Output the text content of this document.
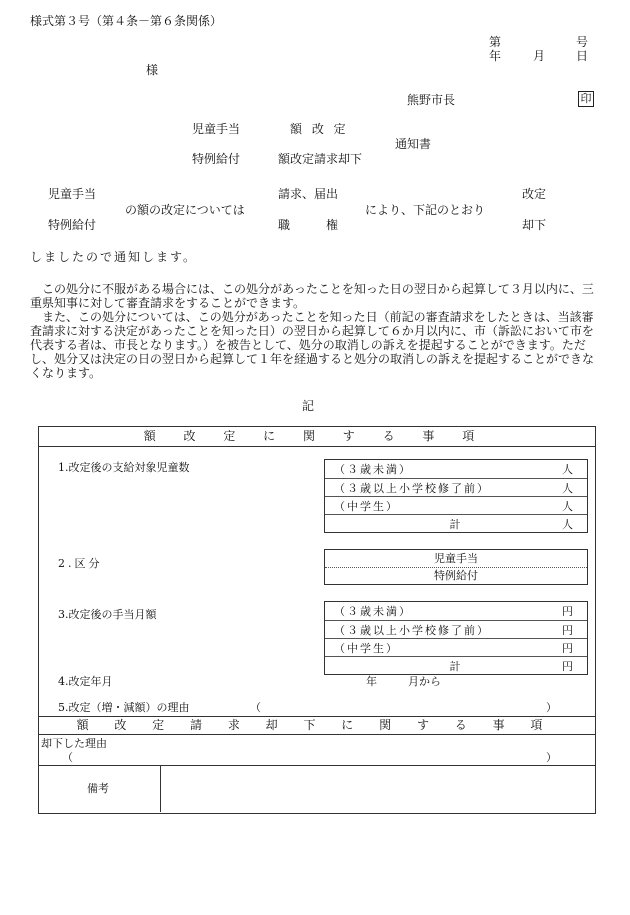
様式第３号（第４条－第６条関係）
第	号
年	月	日
様
熊野市長	印
児童手当	額 改 定
通知書
特例給付	額改定請求却下
児童手当
特例給付
の額の改定については
請求、届出
職　　　権
により、下記のとおり
改定
却下
しましたので通知します。
この処分に不服がある場合には、この処分があったことを知った日の翌日から起算して３月以内に、三重県知事に対して審査請求をすることができます。
また、この処分については、この処分があったことを知った日（前記の審査請求をしたときは、当該審査請求に対する決定があったことを知った日）の翌日から起算して６か月以内に、市（訴訟において市を代表する者は、市長となります。）を被告として、処分の取消しの訴えを提起することができます。ただし、処分又は決定の日の翌日から起算して１年を経過すると処分の取消しの訴えを提起することができなくなります。
記
額 改 定 に 関 す る 事 項
1.改定後の支給対象児童数	（３歳未満）	人
（３歳以上小学校修了前）	人
（中学生）	人
計	人
2.区分	児童手当
特例給付
3.改定後の手当月額	（３歳未満）	円
（３歳以上小学校修了前）	円
（中学生）	円
計	円
4.改定年月	年	月から
5.改定（増・減額）の理由	（	）
額 改 定 請 求 却 下 に 関 す る 事 項
却下した理由
（	）
備考
